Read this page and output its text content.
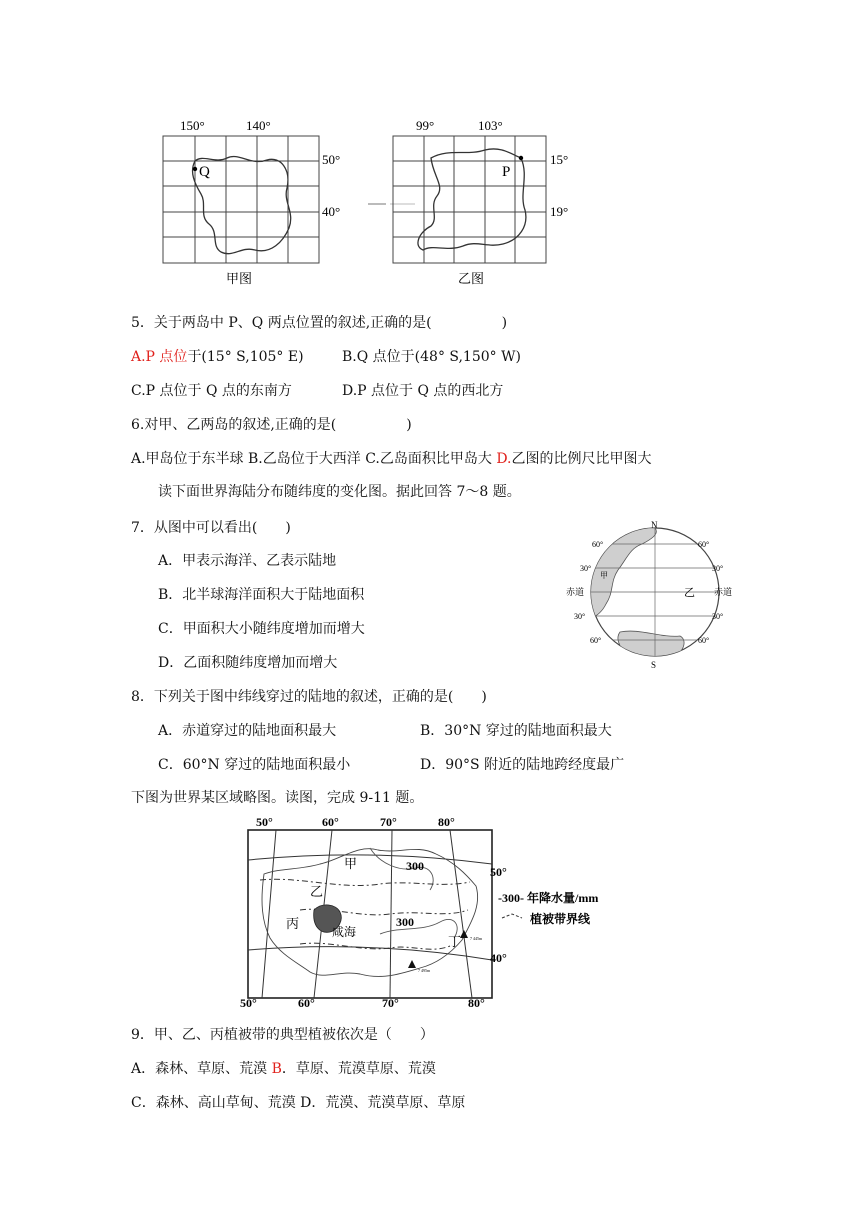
150°	140°
50°
40°
Q
甲图
99°	103°
15°
19°
P
乙图
5．关于两岛中 P、Q 两点位置的叙述,正确的是(　　　　　)
A.P 点位于(15° S,105° E)	B.Q 点位于(48° S,150° W)
C.P 点位于 Q 点的东南方	D.P 点位于 Q 点的西北方
6.对甲、乙两岛的叙述,正确的是(　　　　　)
A.甲岛位于东半球 B.乙岛位于大西洋 C.乙岛面积比甲岛大 D.乙图的比例尺比甲图大
读下面世界海陆分布随纬度的变化图。据此回答 7～8 题。
7．从图中可以看出(　　)
A．甲表示海洋、乙表示陆地
B．北半球海洋面积大于陆地面积
C．甲面积大小随纬度增加而增大
D．乙面积随纬度增加而增大
N
S
60°
30°
赤道
30°
60°
60°
30°
赤道
30°
60°
甲
乙
8．下列关于图中纬线穿过的陆地的叙述，正确的是(　　)
A．赤道穿过的陆地面积最大	B．30°N 穿过的陆地面积最大
C．60°N 穿过的陆地面积最小	D．90°S 附近的陆地跨经度最广
下图为世界某区域略图。读图，完成 9-11 题。
50°	60°	70°	80°
50°	60°	70°	80°
50°
40°
甲
乙
丙
咸海
丁
300
300
7 445m
7 495m
-300- 年降水量/mm
植被带界线
9．甲、乙、丙植被带的典型植被依次是（　　）
A．森林、草原、荒漠 B．草原、荒漠草原、荒漠
C．森林、高山草甸、荒漠 D．荒漠、荒漠草原、草原
